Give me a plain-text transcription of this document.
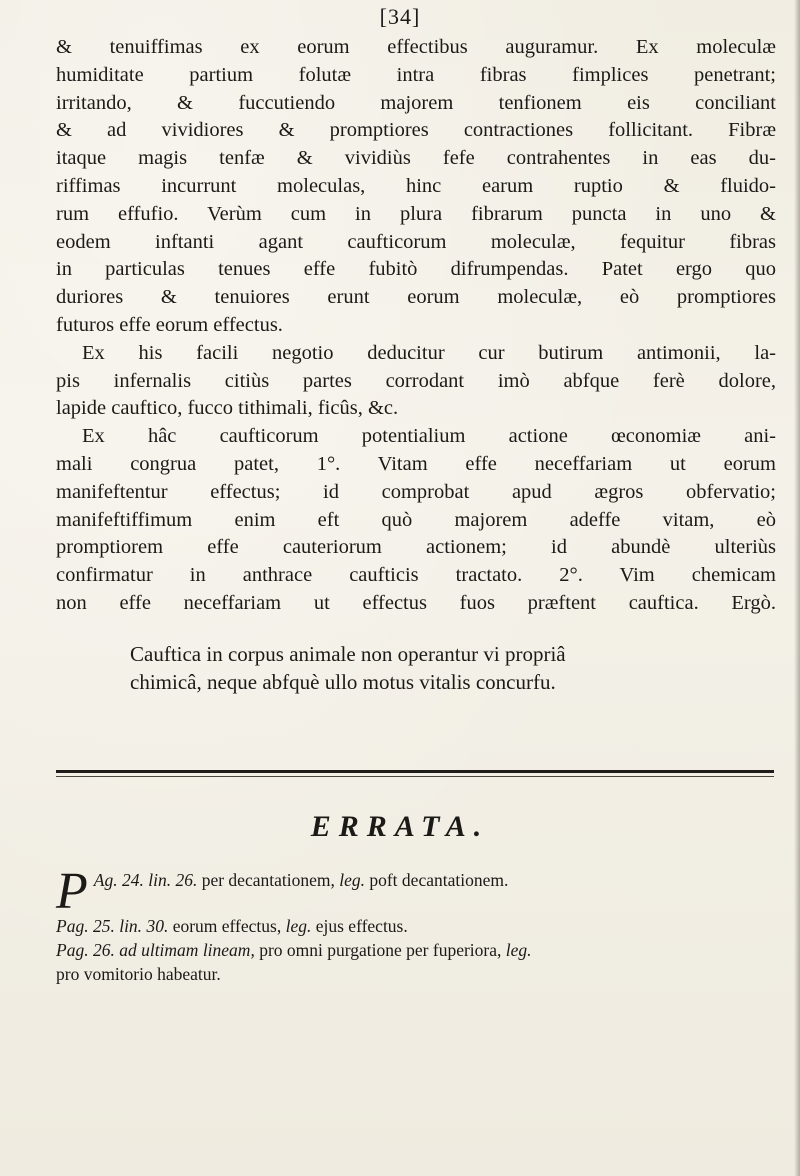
[34]
& tenuiffimas ex eorum effectibus auguramur. Ex moleculæ
humiditate partium folutæ intra fibras fimplices penetrant;
irritando, & fuccutiendo majorem tenfionem eis conciliant
& ad vividiores & promptiores contractiones follicitant. Fibræ
itaque magis tenfæ & vividiùs fefe contrahentes in eas du-
riffimas incurrunt moleculas, hinc earum ruptio & fluido-
rum effufio. Verùm cum in plura fibrarum puncta in uno &
eodem inftanti agant caufticorum moleculæ, fequitur fibras
in particulas tenues effe fubitò difrumpendas. Patet ergo quo
duriores & tenuiores erunt eorum moleculæ, eò promptiores
futuros effe eorum effectus.
Ex his facili negotio deducitur cur butirum antimonii, la-
pis infernalis citiùs partes corrodant imò abfque ferè dolore,
lapide cauftico, fucco tithimali, ficûs, &c.
Ex hâc caufticorum potentialium actione œconomiæ ani-
mali congrua patet, 1°. Vitam effe neceffariam ut eorum
manifeftentur effectus; id comprobat apud ægros obfervatio;
manifeftiffimum enim eft quò majorem adeffe vitam, eò
promptiorem effe cauteriorum actionem; id abundè ulteriùs
confirmatur in anthrace caufticis tractato. 2°. Vim chemicam
non effe neceffariam ut effectus fuos præftent cauftica. Ergò.
Cauftica in corpus animale non operantur vi propriâ
chimicâ, neque abfquè ullo motus vitalis concurfu.
ERRATA.
P Ag. 24. lin. 26. per decantationem, leg. poft decantationem.
Pag. 25. lin. 30. eorum effectus, leg. ejus effectus.
Pag. 26. ad ultimam lineam, pro omni purgatione per fuperiora, leg.
pro vomitorio habeatur.
